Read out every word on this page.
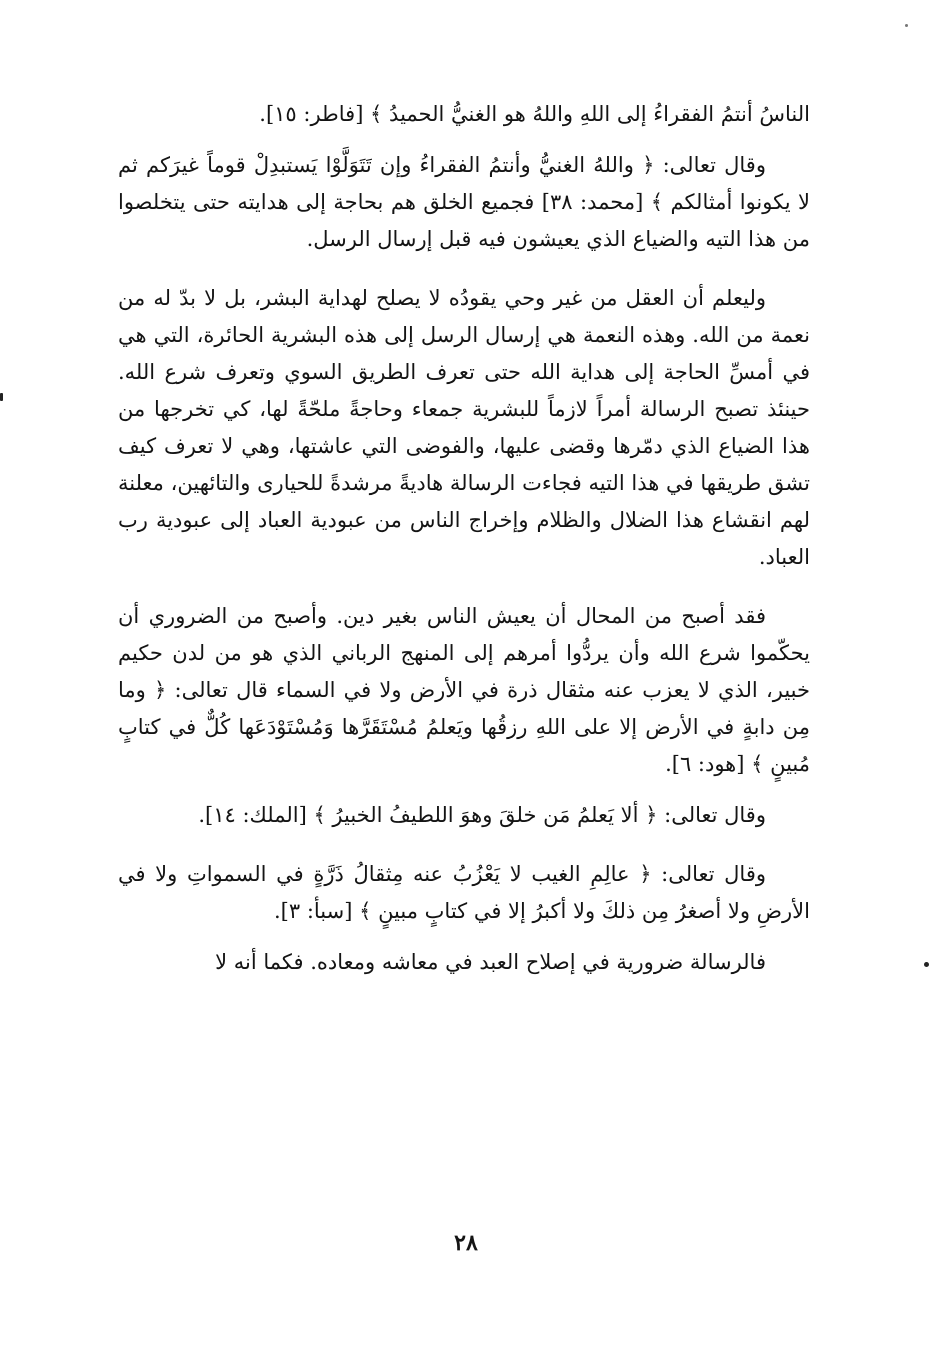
الناسُ أنتمُ الفقراءُ إلى اللهِ واللهُ هو الغنيُّ الحميدُ ﴾ [فاطر: ١٥].

وقال تعالى: ﴿ واللهُ الغنيُّ وأنتمُ الفقراءُ وإن تَتَوَلَّوْا يَستبدِلْ قوماً غيرَكم ثم لا يكونوا أمثالكم ﴾ [محمد: ٣٨] فجميع الخلق هم بحاجة إلى هدايته حتى يتخلصوا من هذا التيه والضياع الذي يعيشون فيه قبل إرسال الرسل.

وليعلم أن العقل من غير وحي يقودُه لا يصلح لهداية البشر، بل لا بدّ له من نعمة من الله. وهذه النعمة هي إرسال الرسل إلى هذه البشرية الحائرة، التي هي في أمسِّ الحاجة إلى هداية الله حتى تعرف الطريق السوي وتعرف شرع الله. حينئذ تصبح الرسالة أمراً لازماً للبشرية جمعاء وحاجةً ملحّةً لها، كي تخرجها من هذا الضياع الذي دمّرها وقضى عليها، والفوضى التي عاشتها، وهي لا تعرف كيف تشق طريقها في هذا التيه فجاءت الرسالة هاديةً مرشدةً للحيارى والتائهين، معلنة لهم انقشاع هذا الضلال والظلام وإخراج الناس من عبودية العباد إلى عبودية رب العباد.

فقد أصبح من المحال أن يعيش الناس بغير دين. وأصبح من الضروري أن يحكّموا شرع الله وأن يردُّوا أمرهم إلى المنهج الرباني الذي هو من لدن حكيم خبير، الذي لا يعزب عنه مثقال ذرة في الأرض ولا في السماء قال تعالى: ﴿ وما مِن دابةٍ في الأرض إلا على اللهِ رزقُها ويَعلمُ مُسْتَقَرَّها وَمُسْتَوْدَعَها كُلٌّ في كتابٍ مُبينٍ ﴾ [هود: ٦].

وقال تعالى: ﴿ ألا يَعلمُ مَن خلقَ وهوَ اللطيفُ الخبيرُ ﴾ [الملك: ١٤].

وقال تعالى: ﴿ عالِمِ الغيب لا يَعْزُبُ عنه مِثقالُ ذَرَّةٍ في السمواتِ ولا في الأرضِ ولا أصغرُ مِن ذلكَ ولا أكبرُ إلا في كتابٍ مبينٍ ﴾ [سبأ: ٣].

فالرسالة ضرورية في إصلاح العبد في معاشه ومعاده. فكما أنه لا

٢٨
